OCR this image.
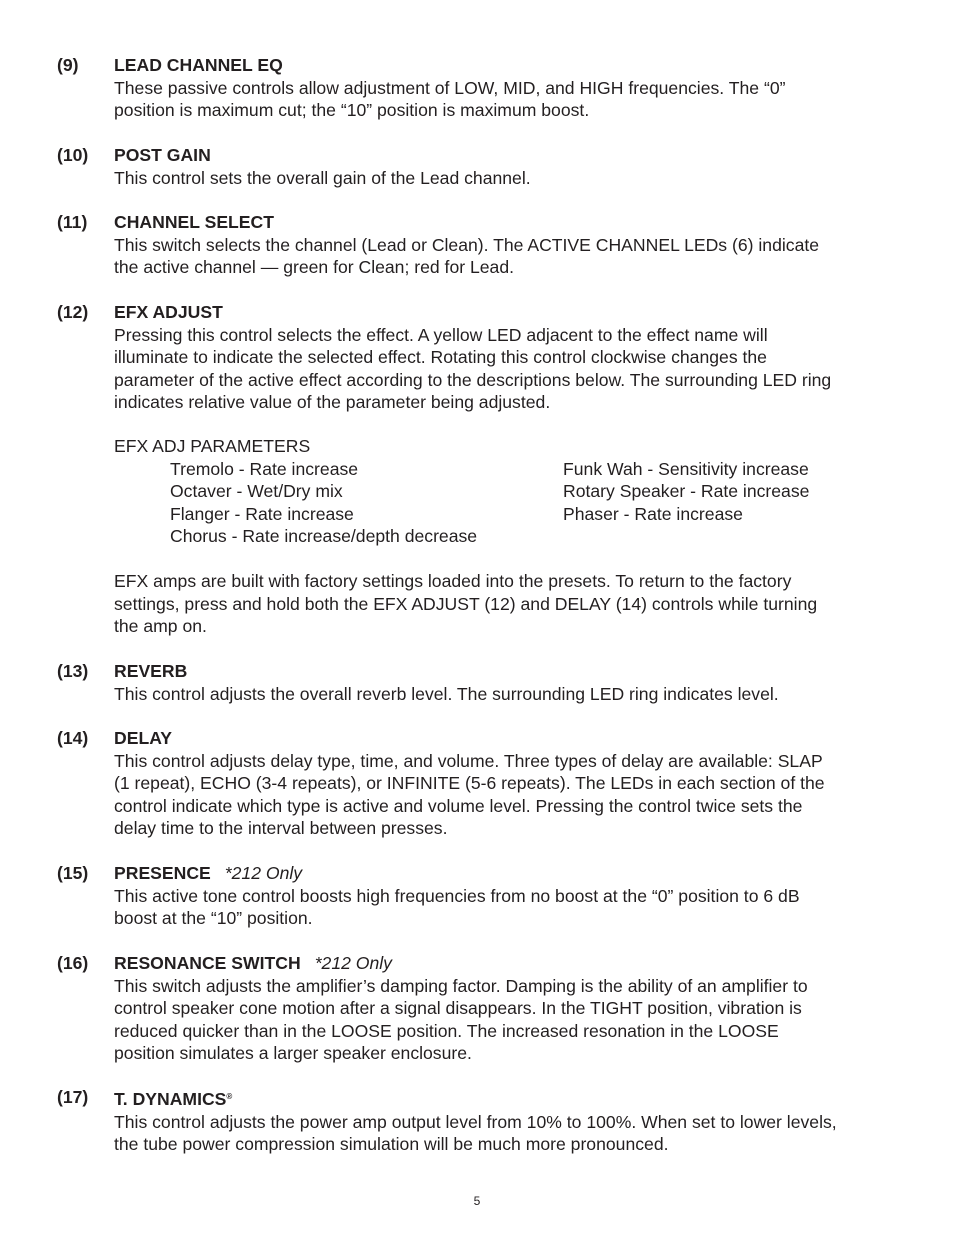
(9) LEAD CHANNEL EQ

These passive controls allow adjustment of LOW, MID, and HIGH frequencies. The “0”

position is maximum cut; the “10” position is maximum boost.

(10) POST GAIN

This control sets the overall gain of the Lead channel.

(11) CHANNEL SELECT

This switch selects the channel (Lead or Clean). The ACTIVE CHANNEL LEDs (6) indicate

the active channel — green for Clean; red for Lead.

(12) EFX ADJUST

Pressing this control selects the effect. A yellow LED adjacent to the effect name will

illuminate to indicate the selected effect. Rotating this control clockwise changes the

parameter of the active effect according to the descriptions below. The surrounding LED ring

indicates relative value of the parameter being adjusted.

EFX ADJ PARAMETERS
Tremolo - Rate increase
Octaver - Wet/Dry mix
Flanger - Rate increase
Chorus - Rate increase/depth decrease
Funk Wah - Sensitivity increase
Rotary Speaker - Rate increase
Phaser - Rate increase

EFX amps are built with factory settings loaded into the presets. To return to the factory

settings, press and hold both the EFX ADJUST (12) and DELAY (14) controls while turning

the amp on.

(13) REVERB

This control adjusts the overall reverb level. The surrounding LED ring indicates level.

(14) DELAY

This control adjusts delay type, time, and volume. Three types of delay are available: SLAP

(1 repeat), ECHO (3-4 repeats), or INFINITE (5-6 repeats). The LEDs in each section of the

control indicate which type is active and volume level. Pressing the control twice sets the

delay time to the interval between presses.

(15) PRESENCE *212 Only

This active tone control boosts high frequencies from no boost at the “0” position to 6 dB

boost at the “10” position.

(16) RESONANCE SWITCH *212 Only

This switch adjusts the amplifier’s damping factor. Damping is the ability of an amplifier to

control speaker cone motion after a signal disappears. In the TIGHT position, vibration is

reduced quicker than in the LOOSE position. The increased resonation in the LOOSE

position simulates a larger speaker enclosure.

(17) T. DYNAMICS®

This control adjusts the power amp output level from 10% to 100%. When set to lower levels,

the tube power compression simulation will be much more pronounced.

5
